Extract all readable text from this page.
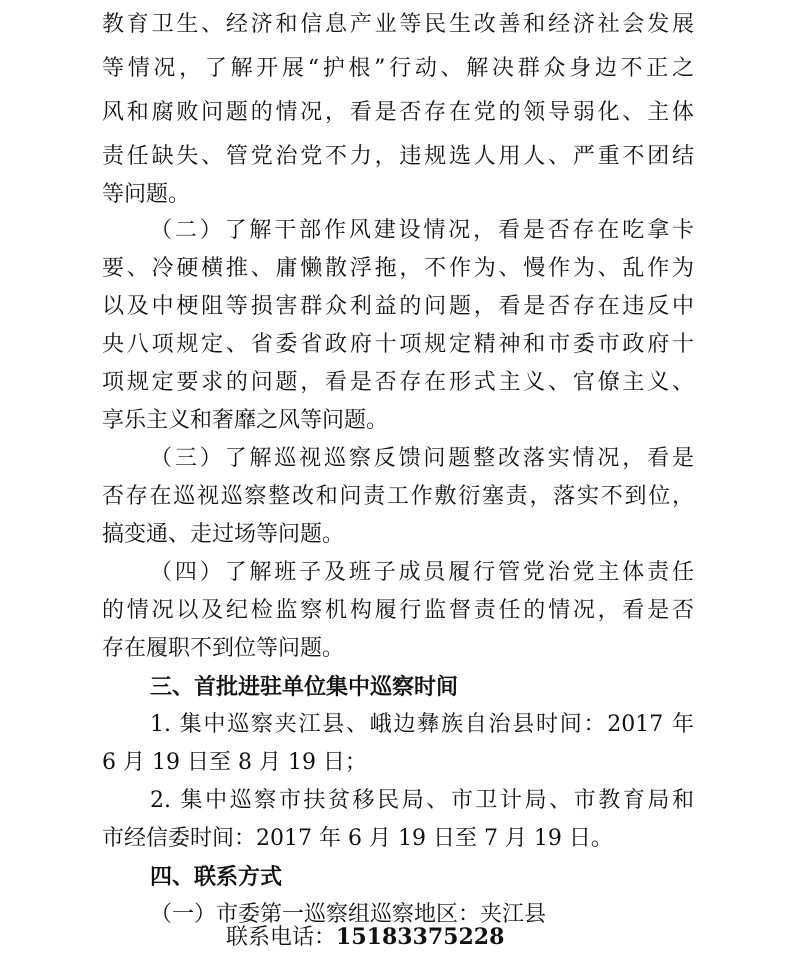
教育卫生、经济和信息产业等民生改善和经济社会发展
等情况，了解开展“护根”行动、解决群众身边不正之
风和腐败问题的情况，看是否存在党的领导弱化、主体
责任缺失、管党治党不力，违规选人用人、严重不团结
等问题。
（二）了解干部作风建设情况，看是否存在吃拿卡
要、冷硬横推、庸懒散浮拖，不作为、慢作为、乱作为
以及中梗阻等损害群众利益的问题，看是否存在违反中
央八项规定、省委省政府十项规定精神和市委市政府十
项规定要求的问题，看是否存在形式主义、官僚主义、
享乐主义和奢靡之风等问题。
（三）了解巡视巡察反馈问题整改落实情况，看是
否存在巡视巡察整改和问责工作敷衍塞责，落实不到位，
搞变通、走过场等问题。
（四）了解班子及班子成员履行管党治党主体责任
的情况以及纪检监察机构履行监督责任的情况，看是否
存在履职不到位等问题。
三、首批进驻单位集中巡察时间
1. 集中巡察夹江县、峨边彝族自治县时间：2017 年
6 月 19 日至 8 月 19 日；
2. 集中巡察市扶贫移民局、市卫计局、市教育局和
市经信委时间：2017 年 6 月 19 日至 7 月 19 日。
四、联系方式
（一）市委第一巡察组巡察地区：夹江县
联系电话：15183375228
